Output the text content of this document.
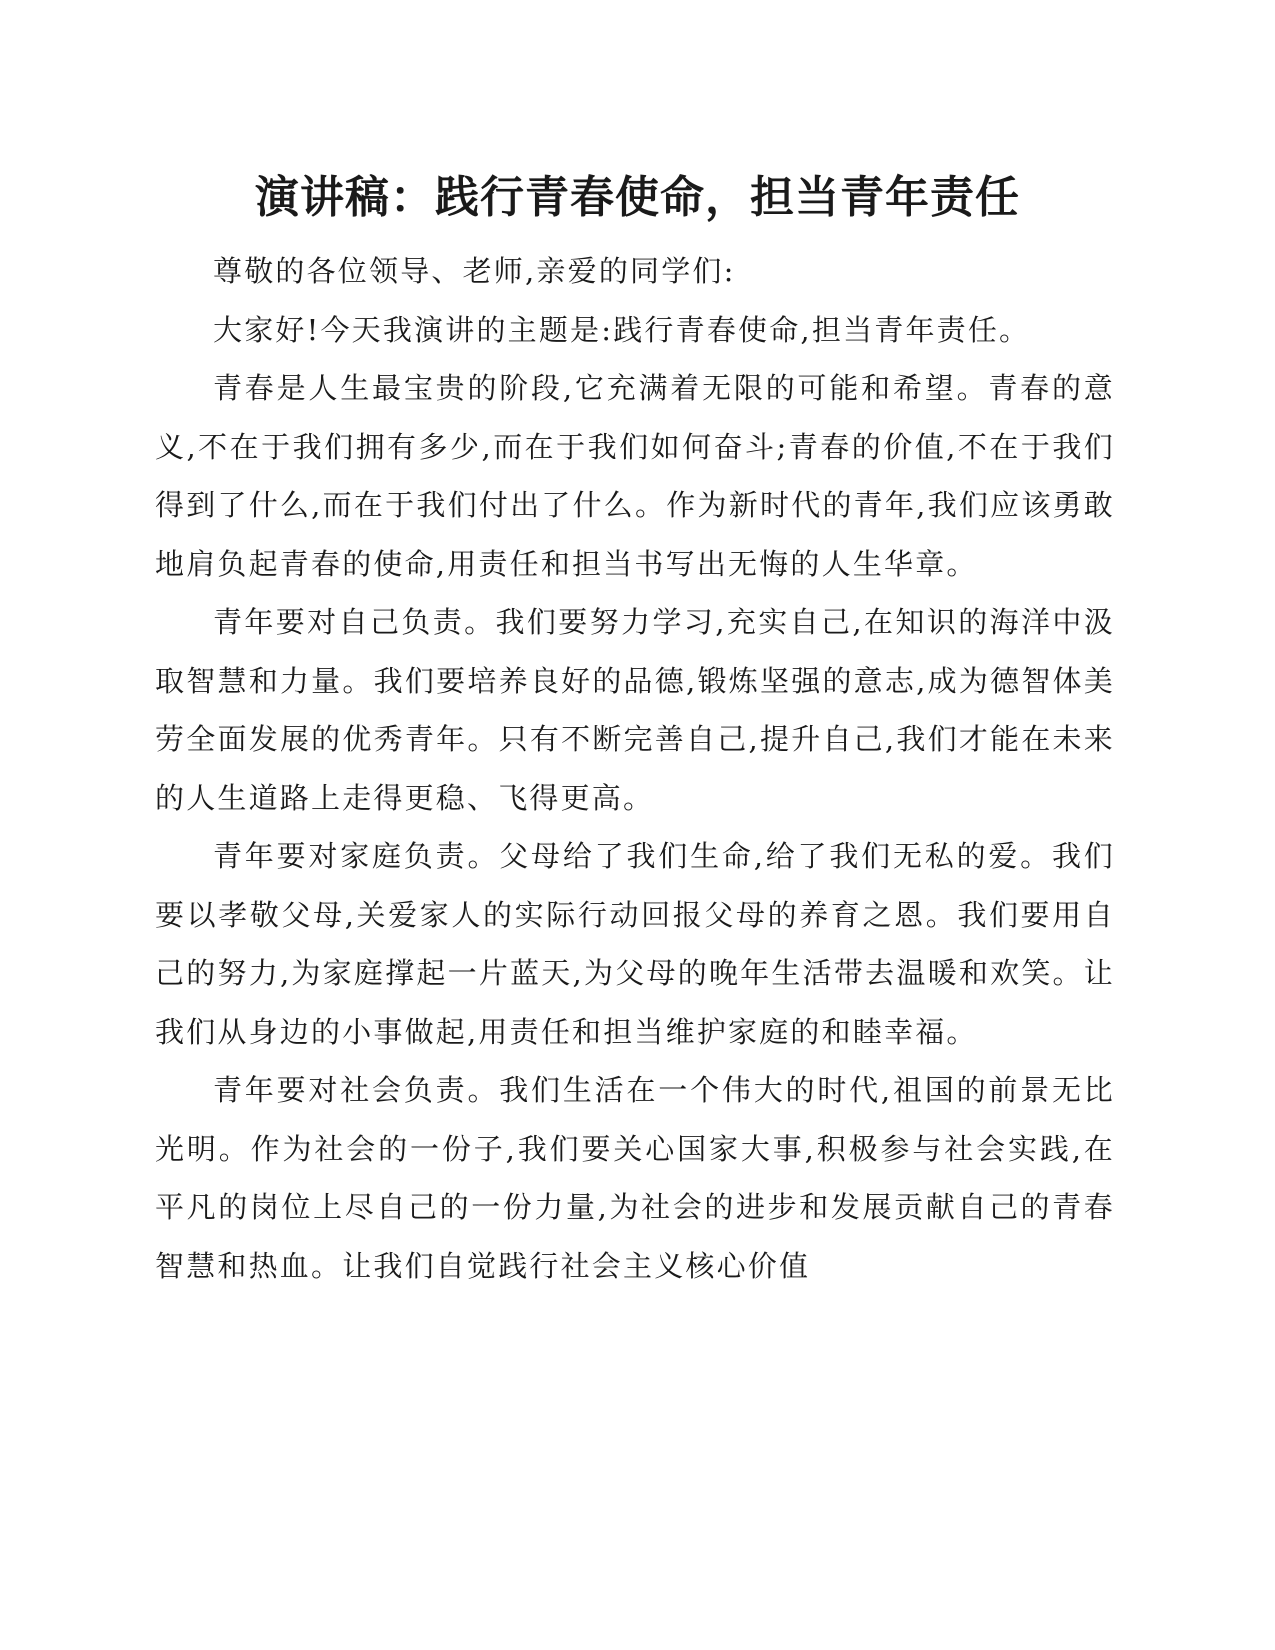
演讲稿：践行青春使命，担当青年责任

尊敬的各位领导、老师,亲爱的同学们:

大家好!今天我演讲的主题是:践行青春使命,担当青年责任。

青春是人生最宝贵的阶段,它充满着无限的可能和希望。青春的意义,不在于我们拥有多少,而在于我们如何奋斗;青春的价值,不在于我们得到了什么,而在于我们付出了什么。作为新时代的青年,我们应该勇敢地肩负起青春的使命,用责任和担当书写出无悔的人生华章。

青年要对自己负责。我们要努力学习,充实自己,在知识的海洋中汲取智慧和力量。我们要培养良好的品德,锻炼坚强的意志,成为德智体美劳全面发展的优秀青年。只有不断完善自己,提升自己,我们才能在未来的人生道路上走得更稳、飞得更高。

青年要对家庭负责。父母给了我们生命,给了我们无私的爱。我们要以孝敬父母,关爱家人的实际行动回报父母的养育之恩。我们要用自己的努力,为家庭撑起一片蓝天,为父母的晚年生活带去温暖和欢笑。让我们从身边的小事做起,用责任和担当维护家庭的和睦幸福。

青年要对社会负责。我们生活在一个伟大的时代,祖国的前景无比光明。作为社会的一份子,我们要关心国家大事,积极参与社会实践,在平凡的岗位上尽自己的一份力量,为社会的进步和发展贡献自己的青春智慧和热血。让我们自觉践行社会主义核心价值
